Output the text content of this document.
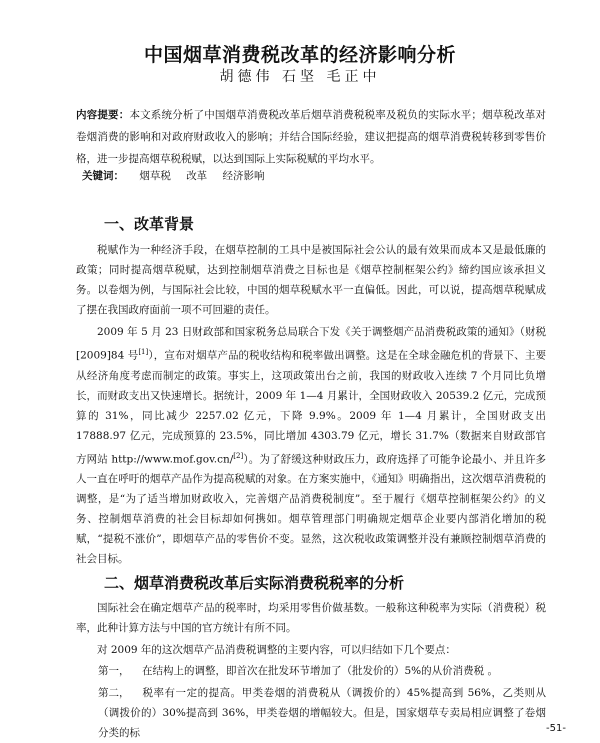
中国烟草消费税改革的经济影响分析
胡德伟 石坚 毛正中
内容提要：本文系统分析了中国烟草消费税改革后烟草消费税税率及税负的实际水平；烟草税改革对卷烟消费的影响和对政府财政收入的影响；并结合国际经验，建议把提高的烟草消费税转移到零售价格，进一步提高烟草税税赋，以达到国际上实际税赋的平均水平。
关键词： 烟草税 改革 经济影响
一、改革背景
税赋作为一种经济手段，在烟草控制的工具中是被国际社会公认的最有效果而成本又是最低廉的政策；同时提高烟草税赋，达到控制烟草消费之目标也是《烟草控制框架公约》缔约国应该承担义务。以卷烟为例，与国际社会比较，中国的烟草税赋水平一直偏低。因此，可以说，提高烟草税赋成了摆在我国政府面前一项不可回避的责任。
2009 年 5 月 23 日财政部和国家税务总局联合下发《关于调整烟产品消费税政策的通知》（财税[2009]84 号[1]），宣布对烟草产品的税收结构和税率做出调整。这是在全球金融危机的背景下、主要从经济角度考虑而制定的政策。事实上，这项政策出台之前，我国的财政收入连续 7 个月同比负增长，而财政支出又快速增长。据统计，2009 年 1—4 月累计，全国财政收入 20539.2 亿元，完成预算的 31%，同比减少 2257.02 亿元，下降 9.9%。2009 年 1—4 月累计，全国财政支出 17888.97 亿元，完成预算的 23.5%，同比增加 4303.79 亿元，增长 31.7%（数据来自财政部官方网站 http://www.mof.gov.cn/[2]）。为了舒缓这种财政压力，政府选择了可能争论最小、并且许多人一直在呼吁的烟草产品作为提高税赋的对象。在方案实施中，《通知》明确指出，这次烟草消费税的调整，是“为了适当增加财政收入，完善烟产品消费税制度”。至于履行《烟草控制框架公约》的义务、控制烟草消费的社会目标却如何携如。烟草管理部门明确规定烟草企业要内部消化增加的税赋，“提税不涨价”，即烟草产品的零售价不变。显然，这次税收政策调整并没有兼顾控制烟草消费的社会目标。
二、烟草消费税改革后实际消费税税率的分析
国际社会在确定烟草产品的税率时，均采用零售价做基数。一般称这种税率为实际（消费税）税率，此种计算方法与中国的官方统计有所不同。
对 2009 年的这次烟草产品消费税调整的主要内容，可以归结如下几个要点：
第一， 在结构上的调整，即首次在批发环节增加了（批发价的）5%的从价消费税 。
第二， 税率有一定的提高。甲类卷烟的消费税从（调拨价的）45%提高到 56%，乙类则从（调拨价的）30%提高到 36%，甲类卷烟的增幅较大。但是，国家烟草专卖局相应调整了卷烟分类的标	-51-
